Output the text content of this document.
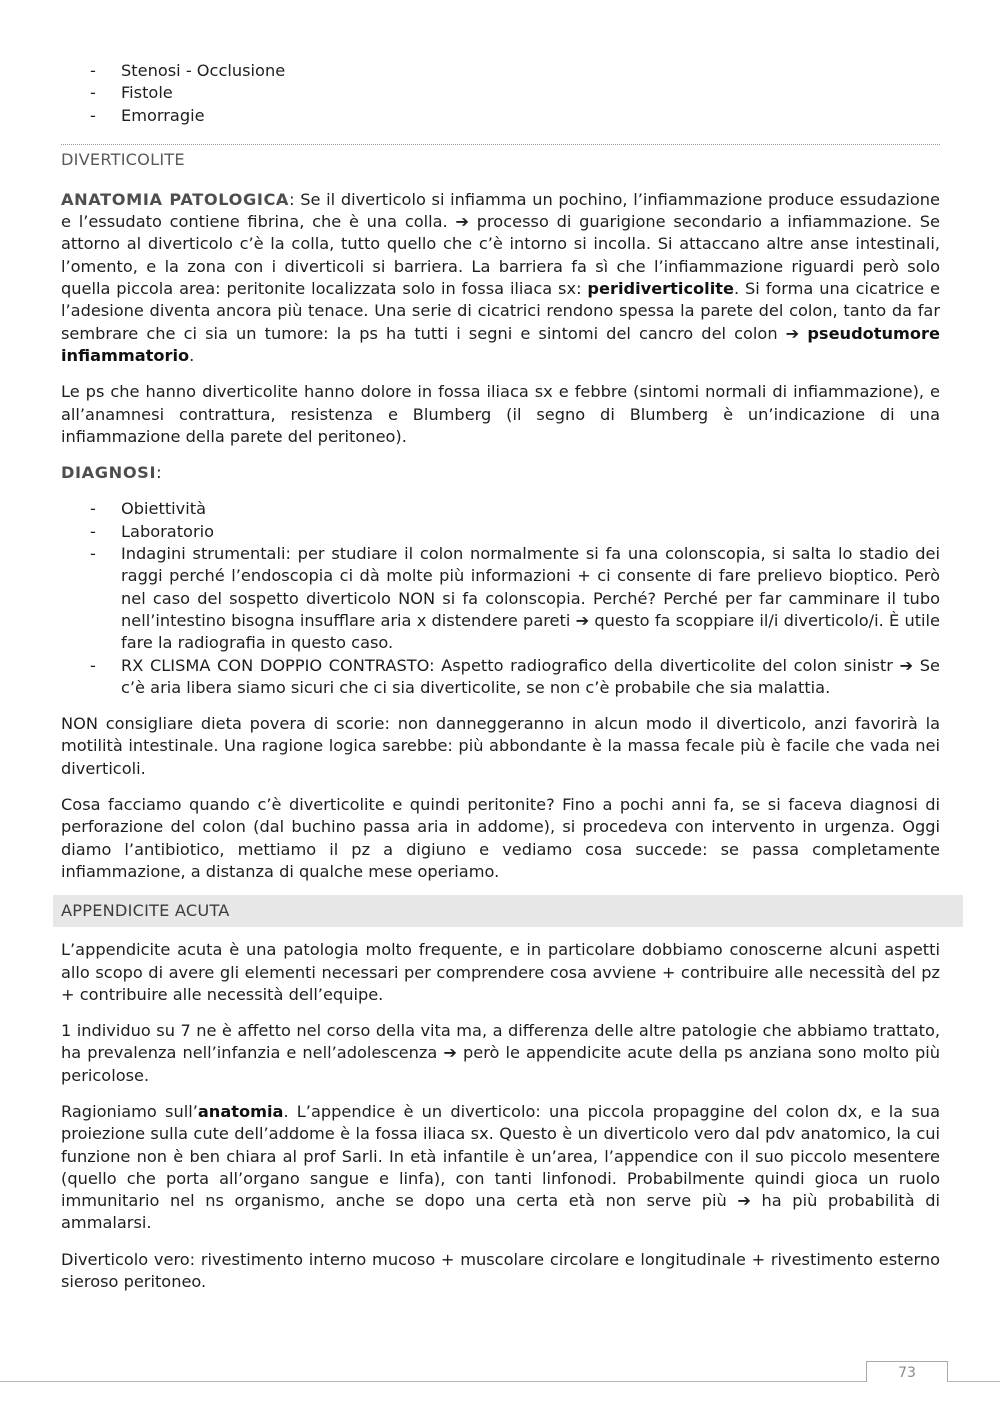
- Stenosi - Occlusione
- Fistole
- Emorragie
DIVERTICOLITE

ANATOMIA PATOLOGICA: Se il diverticolo si infiamma un pochino, l’infiammazione produce essudazione e l’essudato contiene fibrina, che è una colla. ➔ processo di guarigione secondario a infiammazione. Se attorno al diverticolo c’è la colla, tutto quello che c’è intorno si incolla. Si attaccano altre anse intestinali, l’omento, e la zona con i diverticoli si barriera. La barriera fa sì che l’infiammazione riguardi però solo quella piccola area: peritonite localizzata solo in fossa iliaca sx: peridiverticolite. Si forma una cicatrice e l’adesione diventa ancora più tenace. Una serie di cicatrici rendono spessa la parete del colon, tanto da far sembrare che ci sia un tumore: la ps ha tutti i segni e sintomi del cancro del colon ➔ pseudotumore infiammatorio.

Le ps che hanno diverticolite hanno dolore in fossa iliaca sx e febbre (sintomi normali di infiammazione), e all’anamnesi contrattura, resistenza e Blumberg (il segno di Blumberg è un’indicazione di una infiammazione della parete del peritoneo).

DIAGNOSI:

- Obiettività
- Laboratorio
- Indagini strumentali: per studiare il colon normalmente si fa una colonscopia, si salta lo stadio dei raggi perché l’endoscopia ci dà molte più informazioni + ci consente di fare prelievo bioptico. Però nel caso del sospetto diverticolo NON si fa colonscopia. Perché? Perché per far camminare il tubo nell’intestino bisogna insufflare aria x distendere pareti ➔ questo fa scoppiare il/i diverticolo/i. È utile fare la radiografia in questo caso.
- RX CLISMA CON DOPPIO CONTRASTO: Aspetto radiografico della diverticolite del colon sinistr ➔ Se c’è aria libera siamo sicuri che ci sia diverticolite, se non c’è probabile che sia malattia.

NON consigliare dieta povera di scorie: non danneggeranno in alcun modo il diverticolo, anzi favorirà la motilità intestinale. Una ragione logica sarebbe: più abbondante è la massa fecale più è facile che vada nei diverticoli.

Cosa facciamo quando c’è diverticolite e quindi peritonite? Fino a pochi anni fa, se si faceva diagnosi di perforazione del colon (dal buchino passa aria in addome), si procedeva con intervento in urgenza. Oggi diamo l’antibiotico, mettiamo il pz a digiuno e vediamo cosa succede: se passa completamente infiammazione, a distanza di qualche mese operiamo.

APPENDICITE ACUTA

L’appendicite acuta è una patologia molto frequente, e in particolare dobbiamo conoscerne alcuni aspetti allo scopo di avere gli elementi necessari per comprendere cosa avviene + contribuire alle necessità del pz + contribuire alle necessità dell’equipe.

1 individuo su 7 ne è affetto nel corso della vita ma, a differenza delle altre patologie che abbiamo trattato, ha prevalenza nell’infanzia e nell’adolescenza ➔ però le appendicite acute della ps anziana sono molto più pericolose.

Ragioniamo sull’anatomia. L’appendice è un diverticolo: una piccola propaggine del colon dx, e la sua proiezione sulla cute dell’addome è la fossa iliaca sx. Questo è un diverticolo vero dal pdv anatomico, la cui funzione non è ben chiara al prof Sarli. In età infantile è un’area, l’appendice con il suo piccolo mesentere (quello che porta all’organo sangue e linfa), con tanti linfonodi. Probabilmente quindi gioca un ruolo immunitario nel ns organismo, anche se dopo una certa età non serve più ➔ ha più probabilità di ammalarsi.

Diverticolo vero: rivestimento interno mucoso + muscolare circolare e longitudinale + rivestimento esterno sieroso peritoneo.

73
